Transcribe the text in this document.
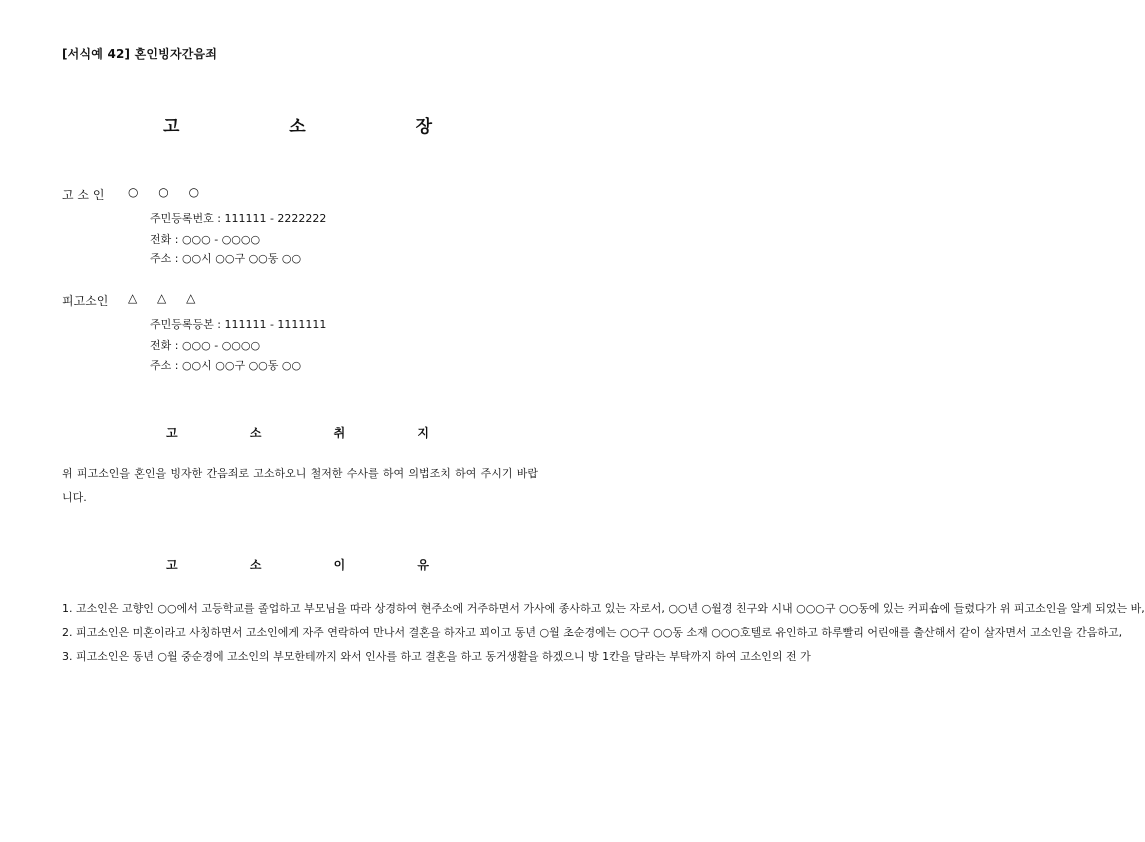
[서식예 42] 혼인빙자간음죄
고 소 장
고 소 인 ○ ○ ○
주민등록번호 : 111111 - 2222222
전화 : ○○○ - ○○○○
주소 : ○○시 ○○구 ○○동 ○○
피고소인 △ △ △
주민등록등본 : 111111 - 1111111
전화 : ○○○ - ○○○○
주소 : ○○시 ○○구 ○○동 ○○
고 소 취 지
위 피고소인을 혼인을 빙자한 간음죄로 고소하오니 철저한 수사를 하여 의법조치 하여 주시기 바랍니다.
고 소 이 유
1. 고소인은 고향인 ○○에서 고등학교를 졸업하고 부모님을 따라 상경하여 현주소에 거주하면서 가사에 종사하고 있는 자로서, ○○년 ○월경 친구와 시내 ○○○구 ○○동에 있는 커피숍에 들렸다가 위 피고소인을 알게 되었는 바,
2. 피고소인은 미혼이라고 사칭하면서 고소인에게 자주 연락하여 만나서 결혼을 하자고 꾀이고 동년 ○월 초순경에는 ○○구 ○○동 소재 ○○○호텔로 유인하고 하루빨리 어린애를 출산해서 같이 살자면서 고소인을 간음하고,
3. 피고소인은 동년 ○월 중순경에 고소인의 부모한테까지 와서 인사를 하고 결혼을 하고 동거생활을 하겠으니 방 1칸을 달라는 부탁까지 하여 고소인의 전 가
